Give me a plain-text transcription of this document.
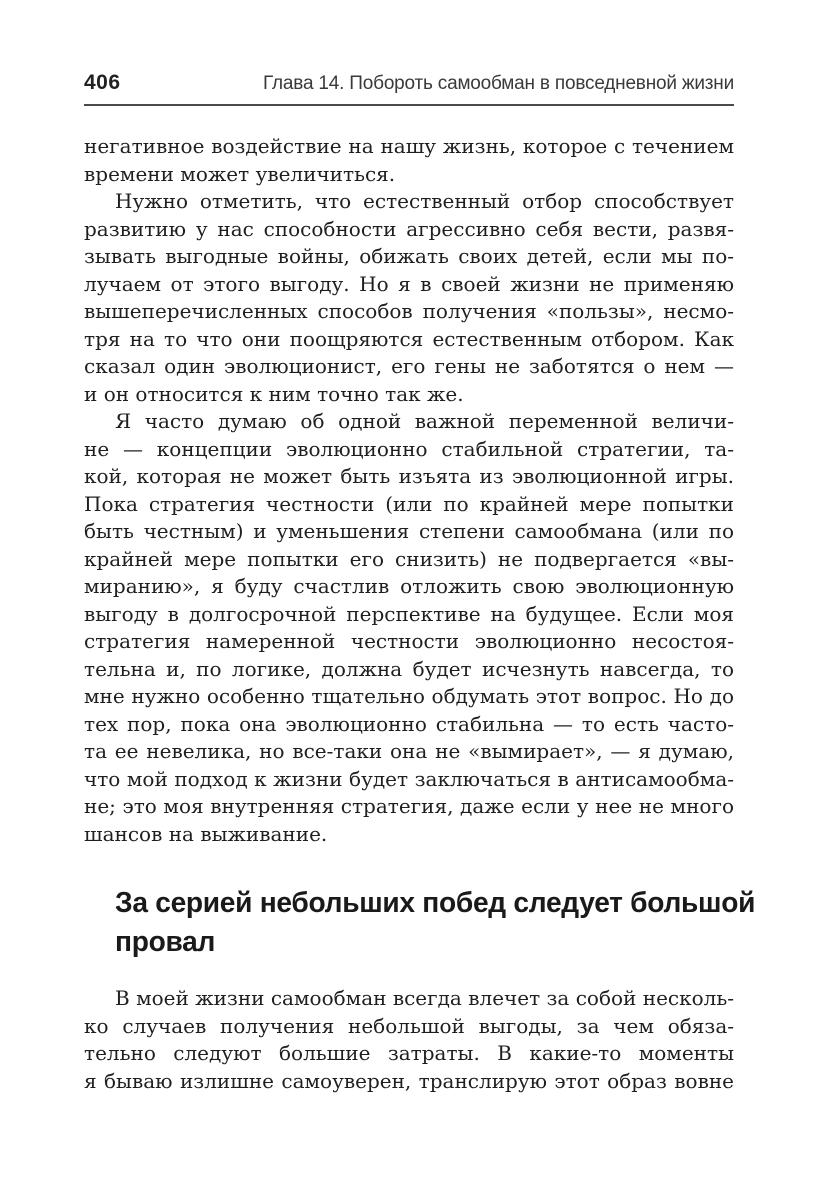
406	Глава 14. Побороть самообман в повседневной жизни
негативное воздействие на нашу жизнь, которое с течением
времени может увеличиться.
Нужно отметить, что естественный отбор способствует
развитию у нас способности агрессивно себя вести, развя-
зывать выгодные войны, обижать своих детей, если мы по-
лучаем от этого выгоду. Но я в своей жизни не применяю
вышеперечисленных способов получения «пользы», несмо-
тря на то что они поощряются естественным отбором. Как
сказал один эволюционист, его гены не заботятся о нем —
и он относится к ним точно так же.
Я часто думаю об одной важной переменной величи-
не — концепции эволюционно стабильной стратегии, та-
кой, которая не может быть изъята из эволюционной игры.
Пока стратегия честности (или по крайней мере попытки
быть честным) и уменьшения степени самообмана (или по
крайней мере попытки его снизить) не подвергается «вы-
миранию», я буду счастлив отложить свою эволюционную
выгоду в долгосрочной перспективе на будущее. Если моя
стратегия намеренной честности эволюционно несостоя-
тельна и, по логике, должна будет исчезнуть навсегда, то
мне нужно особенно тщательно обдумать этот вопрос. Но до
тех пор, пока она эволюционно стабильна — то есть часто-
та ее невелика, но все-таки она не «вымирает», — я думаю,
что мой подход к жизни будет заключаться в антисамообма-
не; это моя внутренняя стратегия, даже если у нее не много
шансов на выживание.
За серией небольших побед следует большой
провал
В моей жизни самообман всегда влечет за собой несколь-
ко случаев получения небольшой выгоды, за чем обяза-
тельно следуют большие затраты. В какие-то моменты
я бываю излишне самоуверен, транслирую этот образ вовне
